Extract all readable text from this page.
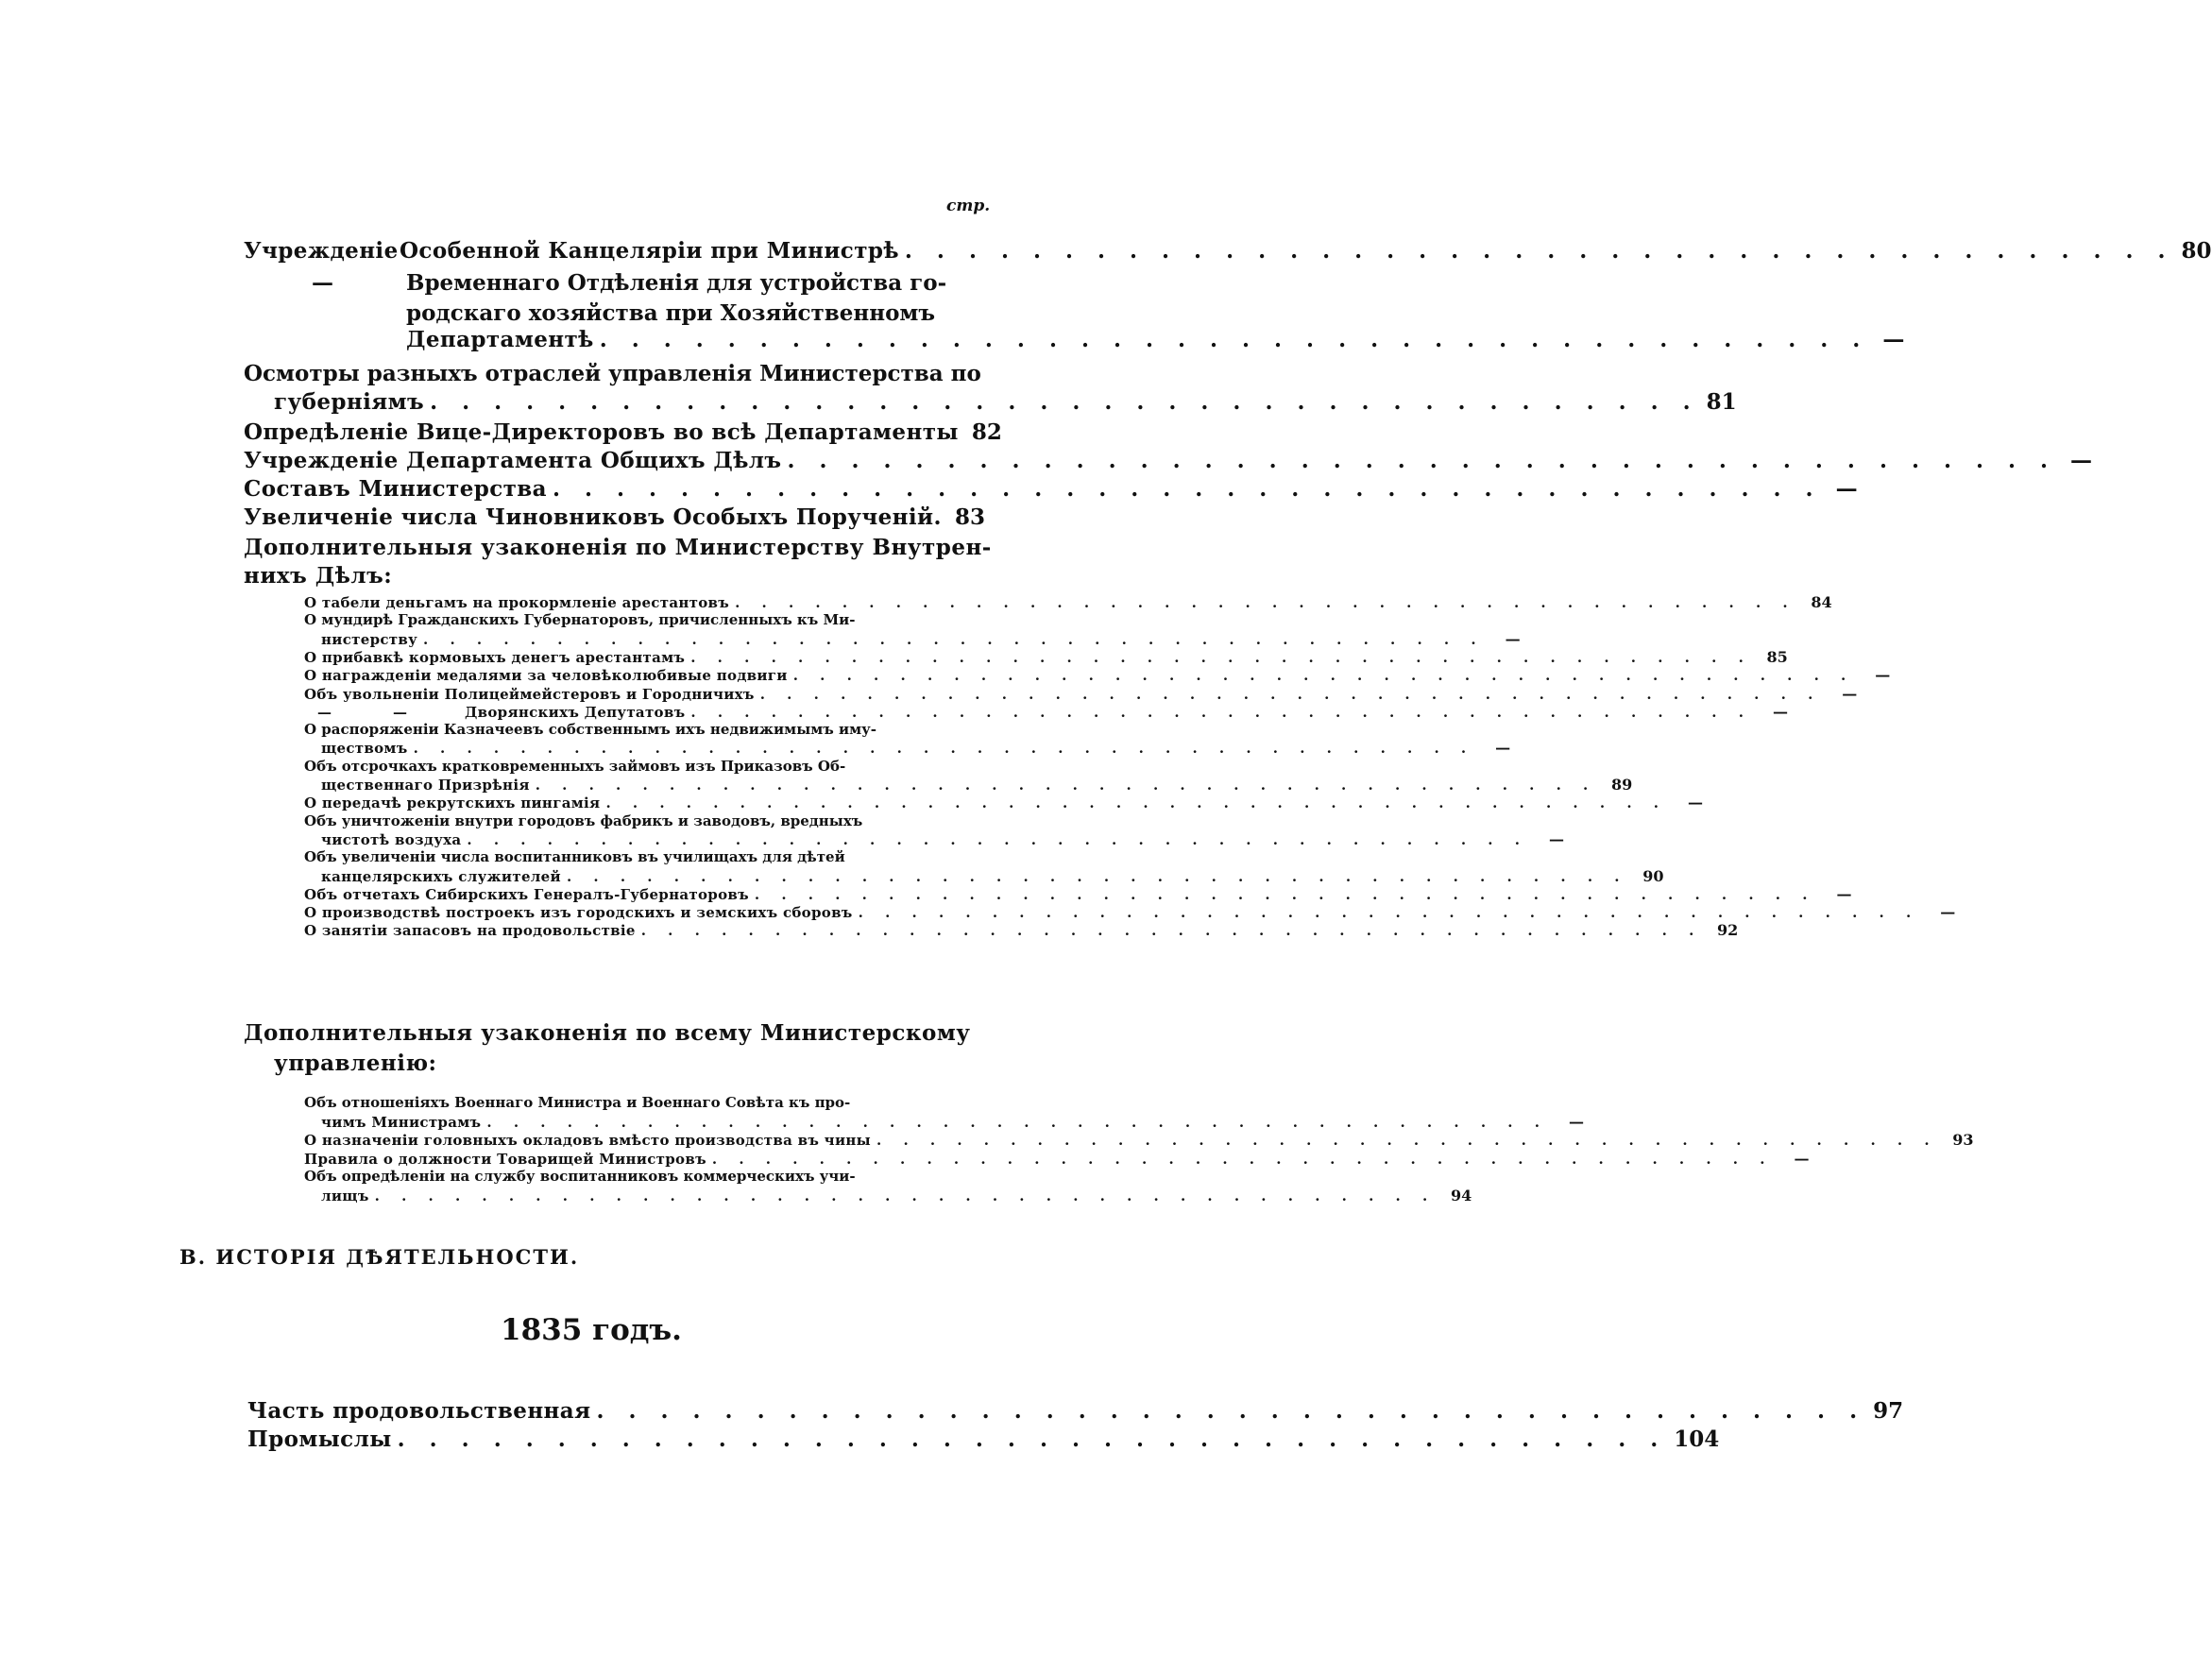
стр.
Учрежденіе Особенной Канцеляріи при Министрѣ . . . . . . . . . . . . . . . . . . . . . . . . . . . . . . . . . . . . . . . . 80
—	Временнаго Отдѣленія для устройства го-
родскаго хозяйства при Хозяйственномъ
Департаментѣ . . . . . . . . . . . . . . . . . . . . . . . . . . . . . . . . . . . . . . . . —
Осмотры разныхъ отраслей управленія Министерства по
губерніямъ . . . . . . . . . . . . . . . . . . . . . . . . . . . . . . . . . . . . . . . . 81
Опредѣленіе Вице-Директоровъ во всѣ Департаменты 82
Учрежденіе Департамента Общихъ Дѣлъ . . . . . . . . . . . . . . . . . . . . . . . . . . . . . . . . . . . . . . . . —
Составъ Министерства . . . . . . . . . . . . . . . . . . . . . . . . . . . . . . . . . . . . . . . . —
Увеличеніе числа Чиновниковъ Особыхъ Порученій. 83
Дополнительныя узаконенія по Министерству Внутрен-
нихъ Дѣлъ:
О табели деньгамъ на прокормленіе арестантовъ . . . . . . . . . . . . . . . . . . . . . . . . . . . . . . . . . . . . . . . . 84
О мундирѣ Гражданскихъ Губернаторовъ, причисленныхъ къ Ми-
нистерству . . . . . . . . . . . . . . . . . . . . . . . . . . . . . . . . . . . . . . . .	—
О прибавкѣ кормовыхъ денегъ арестантамъ . . . . . . . . . . . . . . . . . . . . . . . . . . . . . . . . . . . . . . . . 85
О награжденіи медалями за человѣколюбивые подвиги . . . . . . . . . . . . . . . . . . . . . . . . . . . . . . . . . . . . . . . .	—
Объ увольненіи Полицеймейстеровъ и Городничихъ . . . . . . . . . . . . . . . . . . . . . . . . . . . . . . . . . . . . . . . .	—
—	—	Дворянскихъ Депутатовъ . . . . . . . . . . . . . . . . . . . . . . . . . . . . . . . . . . . . . . . .	—
О распоряженіи Казначеевъ собственнымъ ихъ недвижимымъ иму-
ществомъ . . . . . . . . . . . . . . . . . . . . . . . . . . . . . . . . . . . . . . . .	—
Объ отсрочкахъ кратковременныхъ займовъ изъ Приказовъ Об-
щественнаго Призрѣнія . . . . . . . . . . . . . . . . . . . . . . . . . . . . . . . . . . . . . . . . 89
О передачѣ рекрутскихъ пингамія . . . . . . . . . . . . . . . . . . . . . . . . . . . . . . . . . . . . . . . .	—
Объ уничтоженіи внутри городовъ фабрикъ и заводовъ, вредныхъ
чистотѣ воздуха . . . . . . . . . . . . . . . . . . . . . . . . . . . . . . . . . . . . . . . .	—
Объ увеличеніи числа воспитанниковъ въ училищахъ для дѣтей
канцелярскихъ служителей . . . . . . . . . . . . . . . . . . . . . . . . . . . . . . . . . . . . . . . . 90
Объ отчетахъ Сибирскихъ Генералъ-Губернаторовъ . . . . . . . . . . . . . . . . . . . . . . . . . . . . . . . . . . . . . . . .	—
О производствѣ построекъ изъ городскихъ и земскихъ сборовъ . . . . . . . . . . . . . . . . . . . . . . . . . . . . . . . . . . . . . . . .	—
О занятіи запасовъ на продовольствіе . . . . . . . . . . . . . . . . . . . . . . . . . . . . . . . . . . . . . . . . 92
Дополнительныя узаконенія по всему Министерскому
управленію:
Объ отношеніяхъ Военнаго Министра и Военнаго Совѣта къ про-
чимъ Министрамъ . . . . . . . . . . . . . . . . . . . . . . . . . . . . . . . . . . . . . . . .	—
О назначеніи головныхъ окладовъ вмѣсто производства въ чины . . . . . . . . . . . . . . . . . . . . . . . . . . . . . . . . . . . . . . . . 93
Правила о должности Товарищей Министровъ . . . . . . . . . . . . . . . . . . . . . . . . . . . . . . . . . . . . . . . .	—
Объ опредѣленіи на службу воспитанниковъ коммерческихъ учи-
лищъ . . . . . . . . . . . . . . . . . . . . . . . . . . . . . . . . . . . . . . . . 94
В. ИСТОРІЯ ДѢЯТЕЛЬНОСТИ.
1835 годъ.
Часть продовольственная . . . . . . . . . . . . . . . . . . . . . . . . . . . . . . . . . . . . . . . . 97
Промыслы . . . . . . . . . . . . . . . . . . . . . . . . . . . . . . . . . . . . . . . . 104
